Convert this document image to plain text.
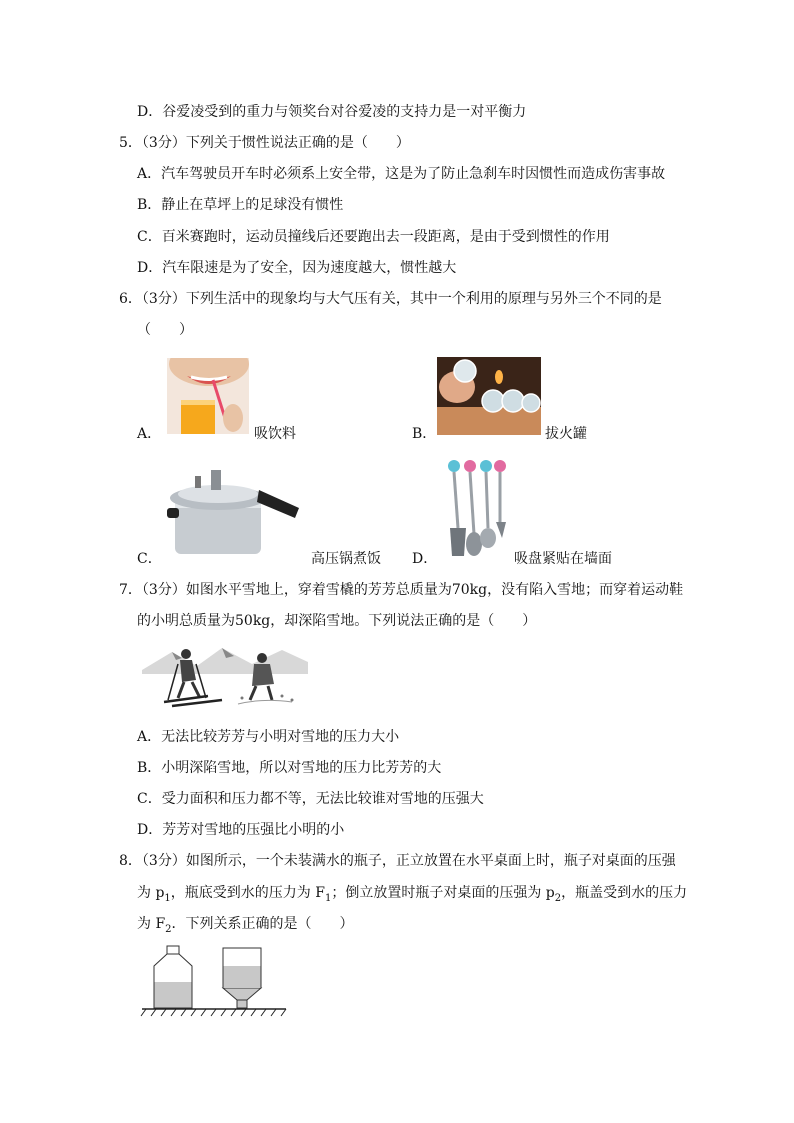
D．谷爱凌受到的重力与领奖台对谷爱凌的支持力是一对平衡力
5．（3分）下列关于惯性说法正确的是（　　）
A．汽车驾驶员开车时必须系上安全带，这是为了防止急刹车时因惯性而造成伤害事故
B．静止在草坪上的足球没有惯性
C．百米赛跑时，运动员撞线后还要跑出去一段距离，是由于受到惯性的作用
D．汽车限速是为了安全，因为速度越大，惯性越大
6．（3分）下列生活中的现象均与大气压有关，其中一个利用的原理与另外三个不同的是
（　　）
A．	吸饮料	B．	拔火罐
C．	高压锅煮饭 D．	吸盘紧贴在墙面
7．（3分）如图水平雪地上，穿着雪橇的芳芳总质量为70kg，没有陷入雪地；而穿着运动鞋
的小明总质量为50kg，却深陷雪地。下列说法正确的是（　　）
A．无法比较芳芳与小明对雪地的压力大小
B．小明深陷雪地，所以对雪地的压力比芳芳的大
C．受力面积和压力都不等，无法比较谁对雪地的压强大
D．芳芳对雪地的压强比小明的小
8．（3分）如图所示，一个未装满水的瓶子，正立放置在水平桌面上时，瓶子对桌面的压强
为 $p_1$，瓶底受到水的压力为 $F_1$；倒立放置时瓶子对桌面的压强为 $p_2$，瓶盖受到水的压力
为 $F_2$．下列关系正确的是（　　）
